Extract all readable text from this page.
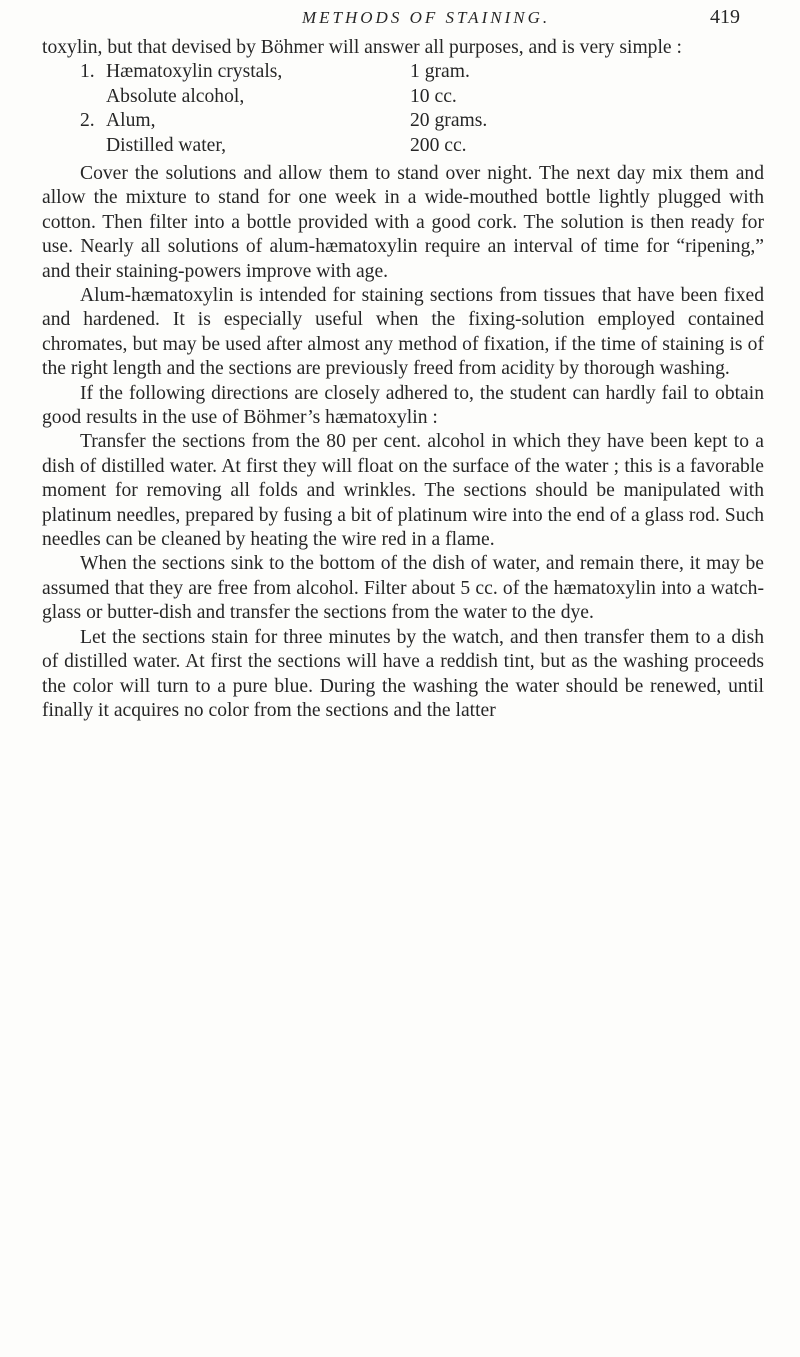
METHODS OF STAINING.	419

toxylin, but that devised by Böhmer will answer all purposes, and is very simple :

1. Hæmatoxylin crystals,	1 gram.
Absolute alcohol,	10 cc.
2. Alum,	20 grams.
Distilled water,	200 cc.

Cover the solutions and allow them to stand over night. The next day mix them and allow the mixture to stand for one week in a wide-mouthed bottle lightly plugged with cotton. Then filter into a bottle provided with a good cork. The solution is then ready for use. Nearly all solutions of alum-hæmatoxylin require an interval of time for “ripening,” and their staining-powers improve with age.

Alum-hæmatoxylin is intended for staining sections from tissues that have been fixed and hardened. It is especially useful when the fixing-solution employed contained chromates, but may be used after almost any method of fixation, if the time of staining is of the right length and the sections are previously freed from acidity by thorough washing.

If the following directions are closely adhered to, the student can hardly fail to obtain good results in the use of Böhmer’s hæmatoxylin :

Transfer the sections from the 80 per cent. alcohol in which they have been kept to a dish of distilled water. At first they will float on the surface of the water ; this is a favorable moment for removing all folds and wrinkles. The sections should be manipulated with platinum needles, prepared by fusing a bit of platinum wire into the end of a glass rod. Such needles can be cleaned by heating the wire red in a flame.

When the sections sink to the bottom of the dish of water, and remain there, it may be assumed that they are free from alcohol. Filter about 5 cc. of the hæmatoxylin into a watch-glass or butter-dish and transfer the sections from the water to the dye.

Let the sections stain for three minutes by the watch, and then transfer them to a dish of distilled water. At first the sections will have a reddish tint, but as the washing proceeds the color will turn to a pure blue. During the washing the water should be renewed, until finally it acquires no color from the sections and the latter
